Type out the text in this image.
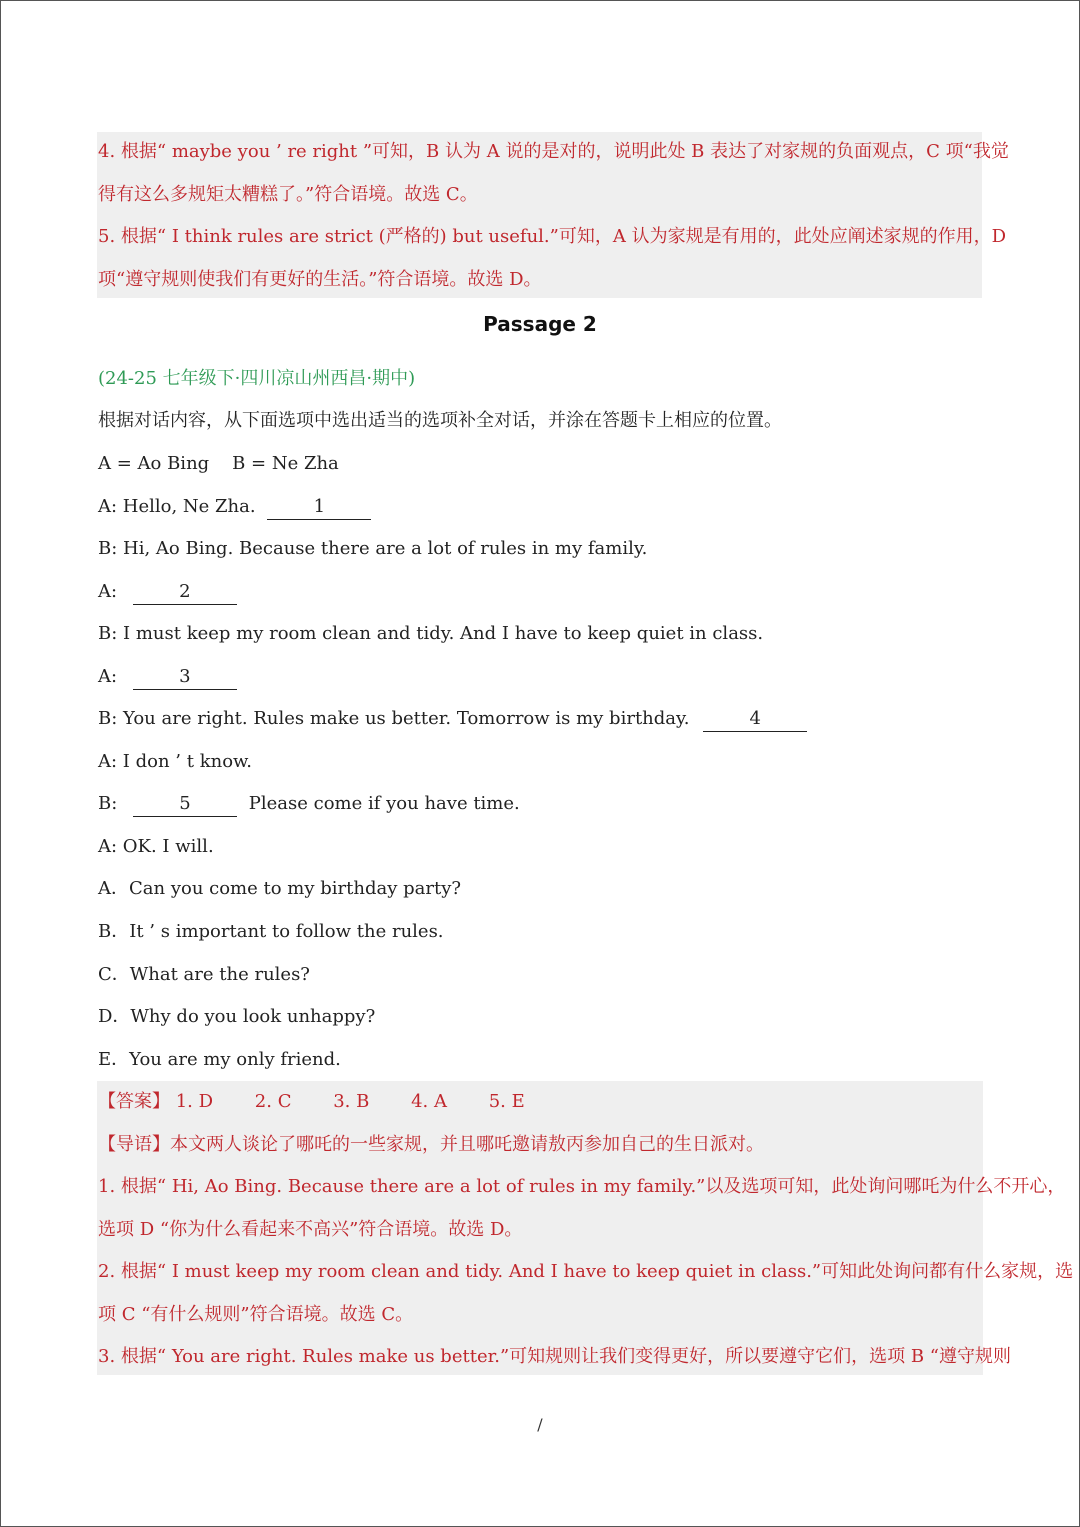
4. 根据“ maybe you ’ re right ”可知，B 认为 A 说的是对的，说明此处 B 表达了对家规的负面观点，C 项“我觉
得有这么多规矩太糟糕了。”符合语境。故选 C。
5. 根据“ I think rules are strict (严格的) but useful.”可知，A 认为家规是有用的，此处应阐述家规的作用，D
项“遵守规则使我们有更好的生活。”符合语境。故选 D。
Passage 2
(24-25 七年级下·四川凉山州西昌·期中)
根据对话内容，从下面选项中选出适当的选项补全对话，并涂在答题卡上相应的位置。
A = Ao Bing    B = Ne Zha
A: Hello, Ne Zha.	1
B: Hi, Ao Bing. Because there are a lot of rules in my family.
A:	2
B: I must keep my room clean and tidy. And I have to keep quiet in class.
A:	3
B: You are right. Rules make us better. Tomorrow is my birthday.	4
A: I don ’ t know.
B:	5	Please come if you have time.
A: OK. I will.
A．Can you come to my birthday party?
B．It ’ s important to follow the rules.
C．What are the rules?
D．Why do you look unhappy?
E．You are my only friend.
【答案】 1. D 2. C 3. B 4. A 5. E
【导语】本文两人谈论了哪吒的一些家规，并且哪吒邀请敖丙参加自己的生日派对。
1. 根据“ Hi, Ao Bing. Because there are a lot of rules in my family.”以及选项可知，此处询问哪吒为什么不开心，
选项 D “你为什么看起来不高兴”符合语境。故选 D。
2. 根据“ I must keep my room clean and tidy. And I have to keep quiet in class.”可知此处询问都有什么家规，选
项 C “有什么规则”符合语境。故选 C。
3. 根据“ You are right. Rules make us better.”可知规则让我们变得更好，所以要遵守它们，选项 B “遵守规则
/
